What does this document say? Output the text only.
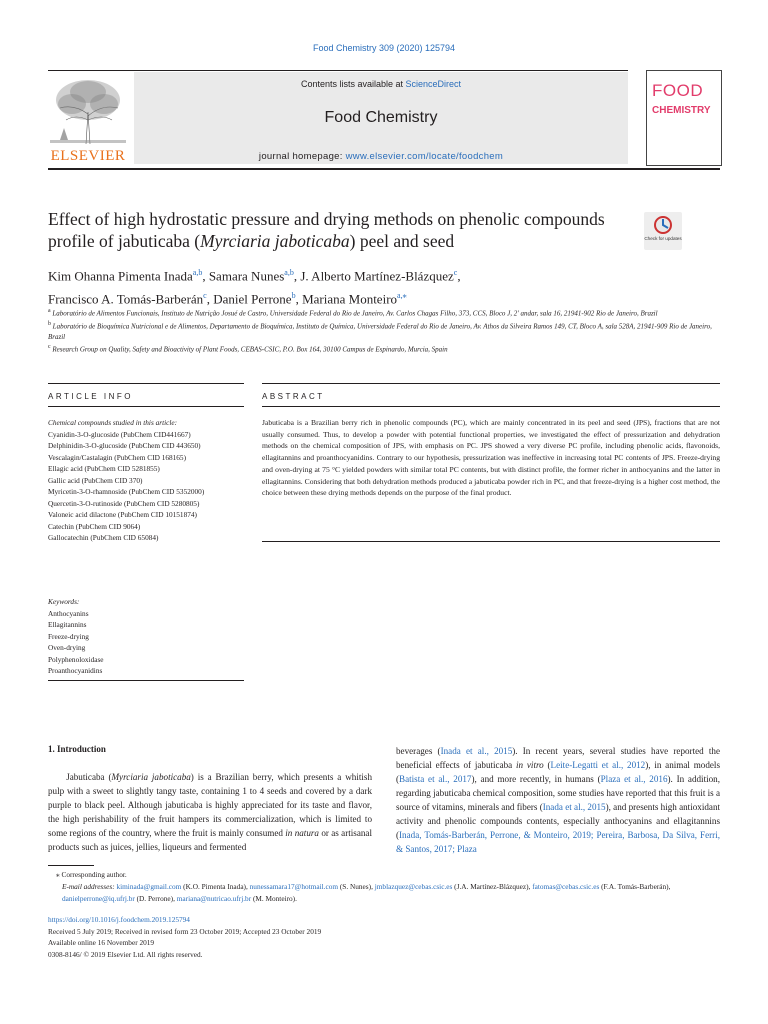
Food Chemistry 309 (2020) 125794
Contents lists available at ScienceDirect
Food Chemistry
journal homepage: www.elsevier.com/locate/foodchem
ELSEVIER
FOOD
CHEMISTRY
Effect of high hydrostatic pressure and drying methods on phenolic compounds profile of jabuticaba (Myrciaria jaboticaba) peel and seed	Check for updates
Kim Ohanna Pimenta Inada$^{a,b}$, Samara Nunes$^{a,b}$, J. Alberto Martínez-Blázquez$^c$,
Francisco A. Tomás-Barberán$^c$, Daniel Perrone$^b$, Mariana Monteiro$^{a,⁎}$
$^a$ Laboratório de Alimentos Funcionais, Instituto de Nutrição Josué de Castro, Universidade Federal do Rio de Janeiro, Av. Carlos Chagas Filho, 373, CCS, Bloco J, 2' andar, sala 16, 21941-902 Rio de Janeiro, Brazil
$^b$ Laboratório de Bioquímica Nutricional e de Alimentos, Departamento de Bioquímica, Instituto de Química, Universidade Federal do Rio de Janeiro, Av. Athos da Silveira Ramos 149, CT, Bloco A, sala 528A, 21941-909 Rio de Janeiro, Brazil
$^c$ Research Group on Quality, Safety and Bioactivity of Plant Foods, CEBAS-CSIC, P.O. Box 164, 30100 Campus de Espinardo, Murcia, Spain
ARTICLE INFO	ABSTRACT
Chemical compounds studied in this article:
Cyanidin-3-O-glucoside (PubChem CID441667)
Delphinidin-3-O-glucoside (PubChem CID 443650)
Vescalagin/Castalagin (PubChem CID 168165)
Ellagic acid (PubChem CID 5281855)
Gallic acid (PubChem CID 370)
Myricetin-3-O-rhamnoside (PubChem CID 5352000)
Quercetin-3-O-rutinoside (PubChem CID 5280805)
Valoneic acid dilactone (PubChem CID 10151874)
Catechin (PubChem CID 9064)
Gallocatechin (PubChem CID 65084)
Jabuticaba is a Brazilian berry rich in phenolic compounds (PC), which are mainly concentrated in its peel and seed (JPS), fractions that are not usually consumed. Thus, to develop a powder with potential functional properties, we investigated the effect of pressurization and dehydration methods on the chemical composition of JPS, with emphasis on PC. JPS showed a very diverse PC profile, including phenolic acids, flavonoids, ellagitannins and proanthocyanidins. Contrary to our hypothesis, pressurization was ineffective in increasing total PC contents of JPS. Freeze-drying and oven-drying at 75 °C yielded powders with similar total PC contents, but with distinct profile, the former richer in anthocyanins and the latter in ellagitannins. Considering that both dehydration methods produced a jabuticaba powder rich in PC, and that freeze-drying is a higher cost method, the choice between these drying methods depends on the purpose of the final product.
Keywords:
Anthocyanins
Ellagitannins
Freeze-drying
Oven-drying
Polyphenoloxidase
Proanthocyanidins
1. Introduction
  Jabuticaba (Myrciaria jaboticaba) is a Brazilian berry, which presents a whitish pulp with a sweet to slightly tangy taste, containing 1 to 4 seeds and covered by a dark purple to black peel. Although jabuticaba is highly appreciated for its taste and flavor, the high perishability of the fruit hampers its commercialization, which is limited to some regions of the country, where the fruit is mainly consumed in natura or as artisanal products such as juices, jellies, liqueurs and fermented
beverages (Inada et al., 2015). In recent years, several studies have reported the beneficial effects of jabuticaba in vitro (Leite-Legatti et al., 2012), in animal models (Batista et al., 2017), and more recently, in humans (Plaza et al., 2016). In addition, regarding jabuticaba chemical composition, some studies have reported that this fruit is a source of vitamins, minerals and fibers (Inada et al., 2015), and presents high antioxidant activity and phenolic compounds contents, especially anthocyanins and ellagitannins (Inada, Tomás-Barberán, Perrone, & Monteiro, 2019; Pereira, Barbosa, Da Silva, Ferri, & Santos, 2017; Plaza
⁎ Corresponding author.
E-mail addresses: kiminada@gmail.com (K.O. Pimenta Inada), nunessamara17@hotmail.com (S. Nunes), jmblazquez@cebas.csic.es (J.A. Martínez-Blázquez), fatomas@cebas.csic.es (F.A. Tomás-Barberán), danielperrone@iq.ufrj.br (D. Perrone), mariana@nutricao.ufrj.br (M. Monteiro).
https://doi.org/10.1016/j.foodchem.2019.125794
Received 5 July 2019; Received in revised form 23 October 2019; Accepted 23 October 2019
Available online 16 November 2019
0308-8146/ © 2019 Elsevier Ltd. All rights reserved.
